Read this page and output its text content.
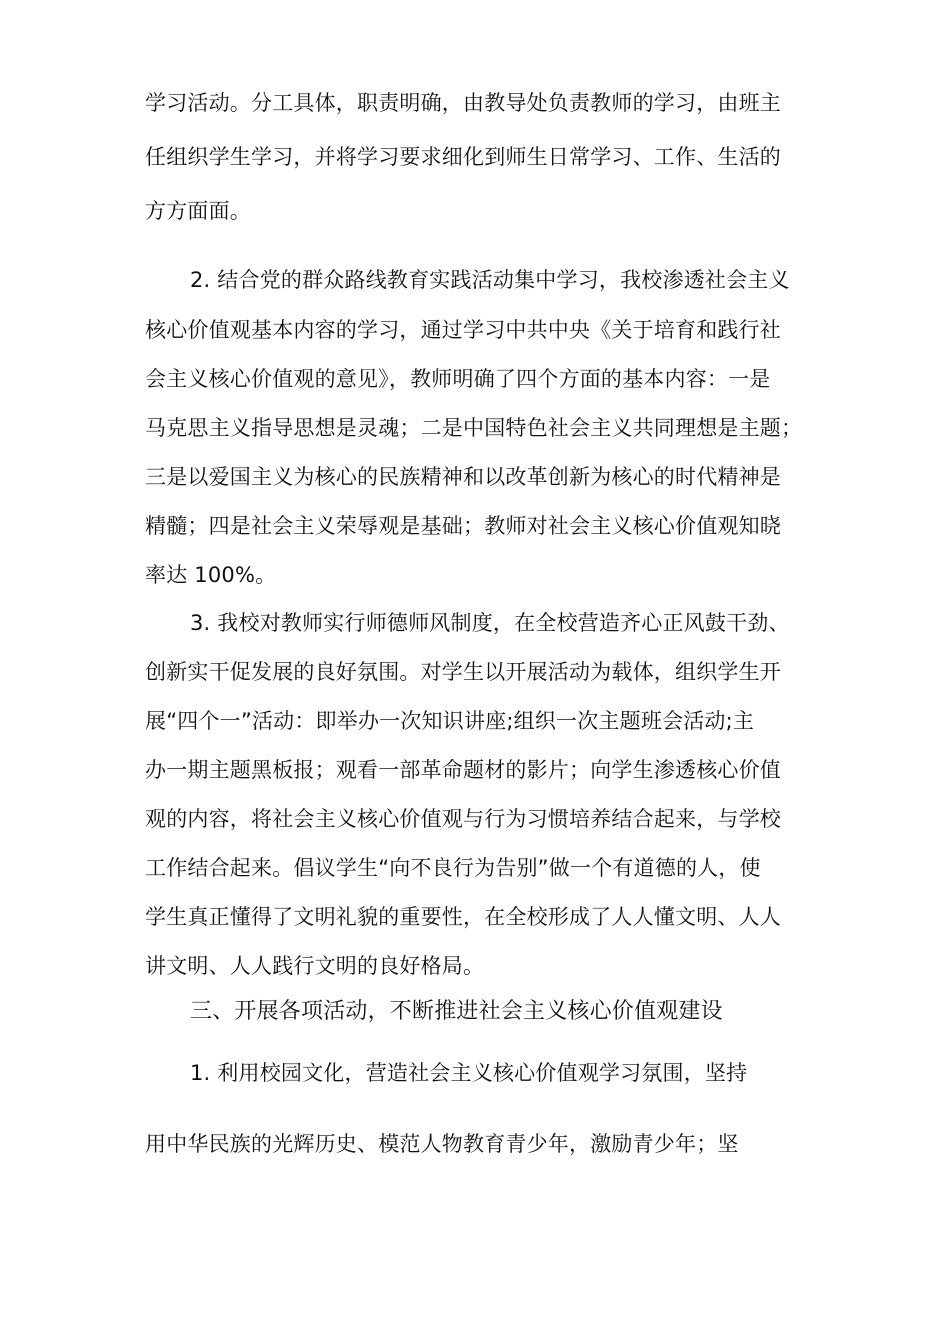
学习活动。分工具体，职责明确，由教导处负责教师的学习，由班主
任组织学生学习，并将学习要求细化到师生日常学习、工作、生活的
方方面面。
2. 结合党的群众路线教育实践活动集中学习，我校渗透社会主义
核心价值观基本内容的学习，通过学习中共中央《关于培育和践行社
会主义核心价值观的意见》，教师明确了四个方面的基本内容：一是
马克思主义指导思想是灵魂；二是中国特色社会主义共同理想是主题；
三是以爱国主义为核心的民族精神和以改革创新为核心的时代精神是
精髓；四是社会主义荣辱观是基础；教师对社会主义核心价值观知晓
率达 100%。
3. 我校对教师实行师德师风制度，在全校营造齐心正风鼓干劲、
创新实干促发展的良好氛围。对学生以开展活动为载体，组织学生开
展“四个一”活动：即举办一次知识讲座;组织一次主题班会活动;主
办一期主题黑板报；观看一部革命题材的影片；向学生渗透核心价值
观的内容，将社会主义核心价值观与行为习惯培养结合起来，与学校
工作结合起来。倡议学生“向不良行为告别”做一个有道德的人，使
学生真正懂得了文明礼貌的重要性，在全校形成了人人懂文明、人人
讲文明、人人践行文明的良好格局。
三、开展各项活动，不断推进社会主义核心价值观建设
1. 利用校园文化，营造社会主义核心价值观学习氛围，坚持
用中华民族的光辉历史、模范人物教育青少年，激励青少年；坚
